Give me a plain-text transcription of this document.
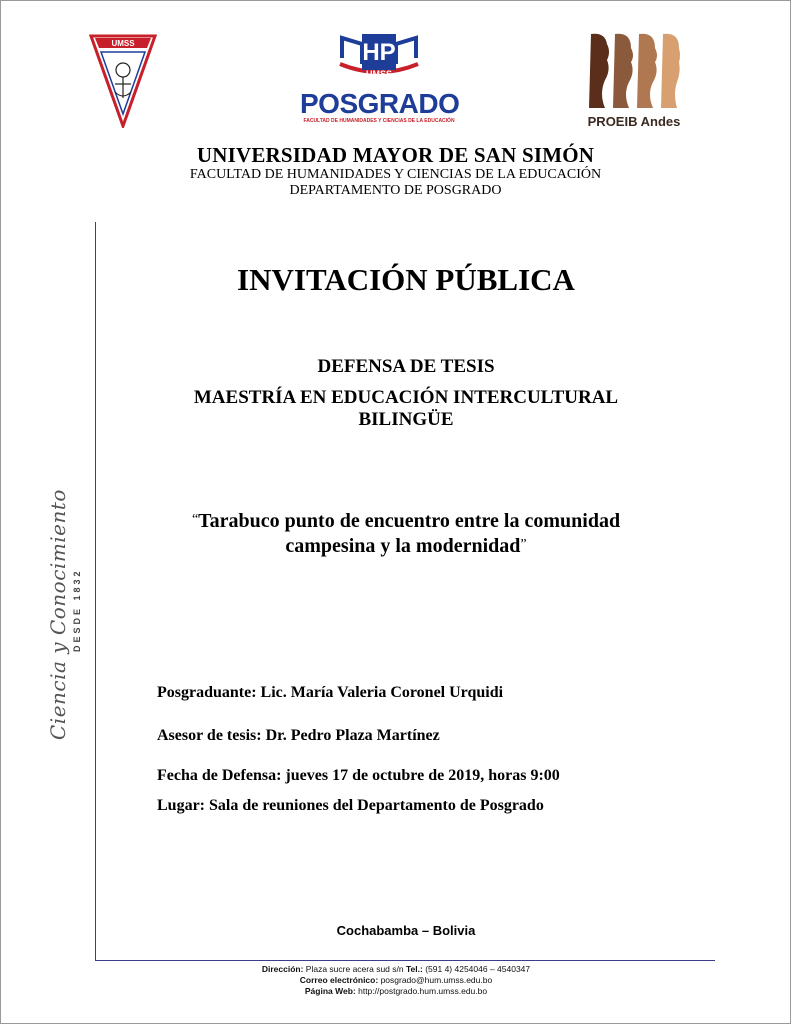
UMSS	HP
UMSS
POSGRADO
FACULTAD DE HUMANIDADES Y CIENCIAS DE LA EDUCACIÓN	PROEIB Andes
UNIVERSIDAD MAYOR DE SAN SIMÓN
FACULTAD DE HUMANIDADES Y CIENCIAS DE LA EDUCACIÓN
DEPARTAMENTO DE POSGRADO
Ciencia y Conocimiento DESDE 1832
INVITACIÓN PÚBLICA
DEFENSA DE TESIS
MAESTRÍA EN EDUCACIÓN INTERCULTURAL
BILINGÜE
“Tarabuco punto de encuentro entre la comunidad
campesina y la modernidad”
Posgraduante: Lic. María Valeria Coronel Urquidi
Asesor de tesis: Dr. Pedro Plaza Martínez
Fecha de Defensa: jueves 17 de octubre de 2019, horas 9:00
Lugar: Sala de reuniones del Departamento de Posgrado
Cochabamba – Bolivia
Dirección: Plaza sucre acera sud s/n Tel.: (591 4) 4254046 – 4540347
Correo electrónico: posgrado@hum.umss.edu.bo
Página Web: http://postgrado.hum.umss.edu.bo
